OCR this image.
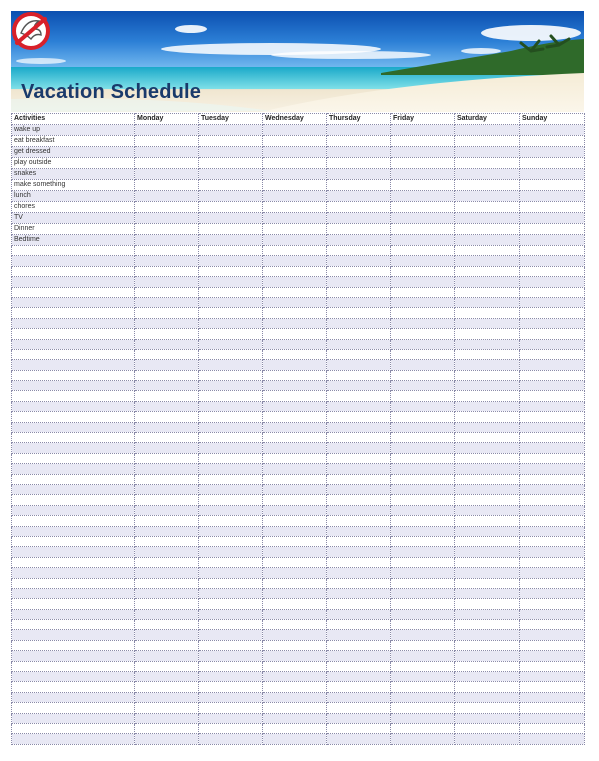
Vacation Schedule
Activities	Monday	Tuesday	Wednesday	Thursday	Friday	Saturday	Sunday
wake up							
eat breakfast							
get dressed							
play outside							
snakes							
make something							
lunch							
chores							
TV							
Dinner							
Bedtime							
